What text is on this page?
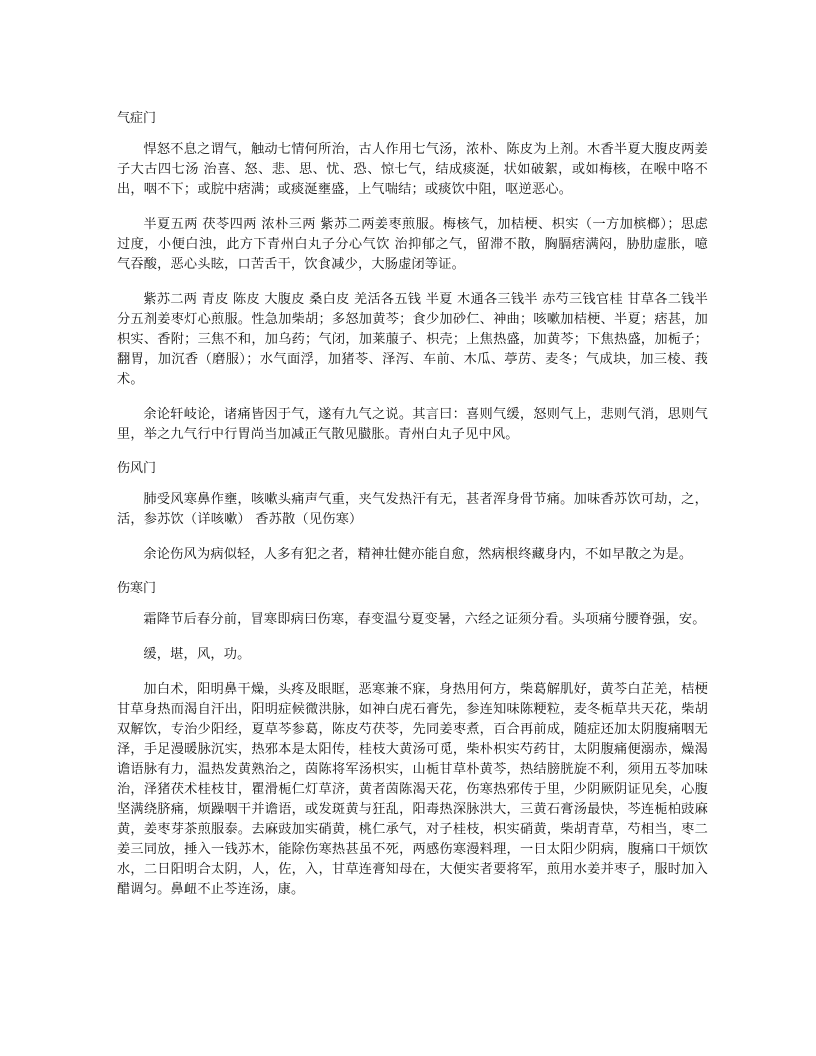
气症门

悍怒不息之谓气，触动七情何所治，古人作用七气汤，浓朴、陈皮为上剂。木香半夏大腹皮两姜子大古四七汤 治喜、怒、悲、思、忧、恐、惊七气，结成痰涎，状如破絮，或如梅核，在喉中咯不出，咽不下；或脘中痞满；或痰涎壅盛，上气喘结；或痰饮中阻，呕逆恶心。

半夏五两 茯苓四两 浓朴三两 紫苏二两姜枣煎服。梅核气，加桔梗、枳实（一方加槟榔）；思虑过度，小便白浊，此方下青州白丸子分心气饮 治抑郁之气，留滞不散，胸膈痞满闷，胁肋虚胀，噫气吞酸，恶心头眩，口苦舌干，饮食减少，大肠虚闭等证。

紫苏二两 青皮 陈皮 大腹皮 桑白皮 羌活各五钱 半夏 木通各三钱半 赤芍三钱官桂 甘草各二钱半分五剂姜枣灯心煎服。性急加柴胡；多怒加黄芩；食少加砂仁、神曲；咳嗽加桔梗、半夏；痞甚，加枳实、香附；三焦不和，加乌药；气闭，加莱菔子、枳壳；上焦热盛，加黄芩；下焦热盛，加栀子；翻胃，加沉香（磨服）；水气面浮，加猪苓、泽泻、车前、木瓜、葶苈、麦冬；气成块，加三棱、莪术。

余论轩岐论，诸痛皆因于气，遂有九气之说。其言曰：喜则气缓，怒则气上，悲则气消，思则气里，举之九气行中行胃尚当加减正气散见臌胀。青州白丸子见中风。

伤风门

肺受风寒鼻作壅，咳嗽头痛声气重，夹气发热汗有无，甚者浑身骨节痛。加味香苏饮可劫，之，活，参苏饮（详咳嗽） 香苏散（见伤寒）

余论伤风为病似轻，人多有犯之者，精神壮健亦能自愈，然病根终藏身内，不如早散之为是。

伤寒门

霜降节后春分前，冒寒即病曰伤寒，春变温兮夏变暑，六经之证须分看。头项痛兮腰脊强，安。

缓，堪，风，功。

加白术，阳明鼻干燥，头疼及眼眶，恶寒兼不寐，身热用何方，柴葛解肌好，黄芩白芷羌，桔梗甘草身热而渴自汗出，阳明症候微洪脉，如神白虎石膏先，参连知味陈粳粒，麦冬栀草共天花，柴胡双解饮，专治少阳经，夏草芩参葛，陈皮芍茯苓，先同姜枣煮，百合再前成，随症还加太阴腹痛咽无泽，手足漫暖脉沉实，热邪本是太阳传，桂枝大黄汤可觅，柴朴枳实芍药甘，太阴腹痛便溺赤，燥渴谵语脉有力，温热发黄熟治之，茵陈将军汤枳实，山栀甘草朴黄芩，热结膀胱旋不利，须用五苓加味治，泽猪茯术桂枝甘，瞿滑栀仁灯草济，黄者茵陈渴天花，伤寒热邪传于里，少阴厥阴证见矣，心腹坚满绕脐痛，烦躁咽干并谵语，或发斑黄与狂乱，阳毒热深脉洪大，三黄石膏汤最快，芩连栀柏豉麻黄，姜枣芽茶煎服泰。去麻豉加实硝黄，桃仁承气，对子桂枝，枳实硝黄，柴胡青草，芍相当，枣二姜三同放，捶入一钱苏木，能除伤寒热甚虽不死，两感伤寒漫料理，一日太阳少阴病，腹痛口干烦饮水，二日阳明合太阴，人，佐，入，甘草连膏知母在，大便实者要将军，煎用水姜并枣子，服时加入醋调匀。鼻衄不止芩连汤，康。
